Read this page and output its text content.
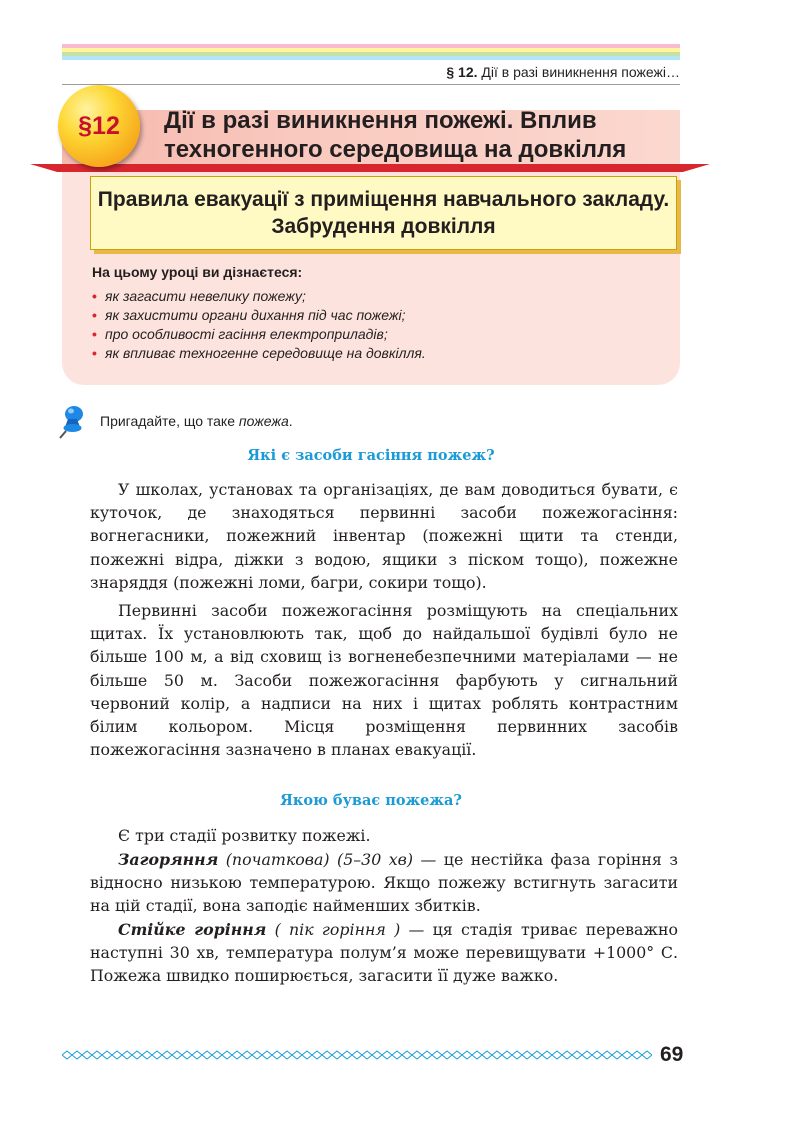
§ 12. Дії в разі виникнення пожежі…
Дії в разі виникнення пожежі. Вплив техногенного середовища на довкілля
§12

Правила евакуації з приміщення навчального закладу. Забрудення довкілля

На цьому уроці ви дізнаєтеся:
• як загасити невелику пожежу;
• як захистити органи дихання під час пожежі;
• про особливості гасіння електроприладів;
• як впливає техногенне середовище на довкілля.
Пригадайте, що таке пожежа.
Які є засоби гасіння пожеж?

У школах, установах та організаціях, де вам доводиться бувати, є куточок, де знаходяться первинні засоби пожежогасіння: вогнегасники, пожежний інвентар (пожежні щити та стенди, пожежні відра, діжки з водою, ящики з піском тощо), пожежне знаряддя (пожежні ломи, багри, сокири тощо).

Первинні засоби пожежогасіння розміщують на спеціальних щитах. Їх установлюють так, щоб до найдальшої будівлі було не більше 100 м, а від сховищ із вогненебезпечними матеріалами — не більше 50 м. Засоби пожежогасіння фарбують у сигнальний червоний колір, а надписи на них і щитах роблять контрастним білим кольором. Місця розміщення первинних засобів пожежогасіння зазначено в планах евакуації.

Якою буває пожежа?

Є три стадії розвитку пожежі.

Загоряння (початкова) (5–30 хв) — це нестійка фаза горіння з відносно низькою температурою. Якщо пожежу встигнуть загасити на цій стадії, вона заподіє найменших збитків.

Стійке горіння ( пік горіння ) — ця стадія триває переважно наступні 30 хв, температура полум’я може перевищувати +1000° С. Пожежа швидко поширюється, загасити її дуже важко.

69
